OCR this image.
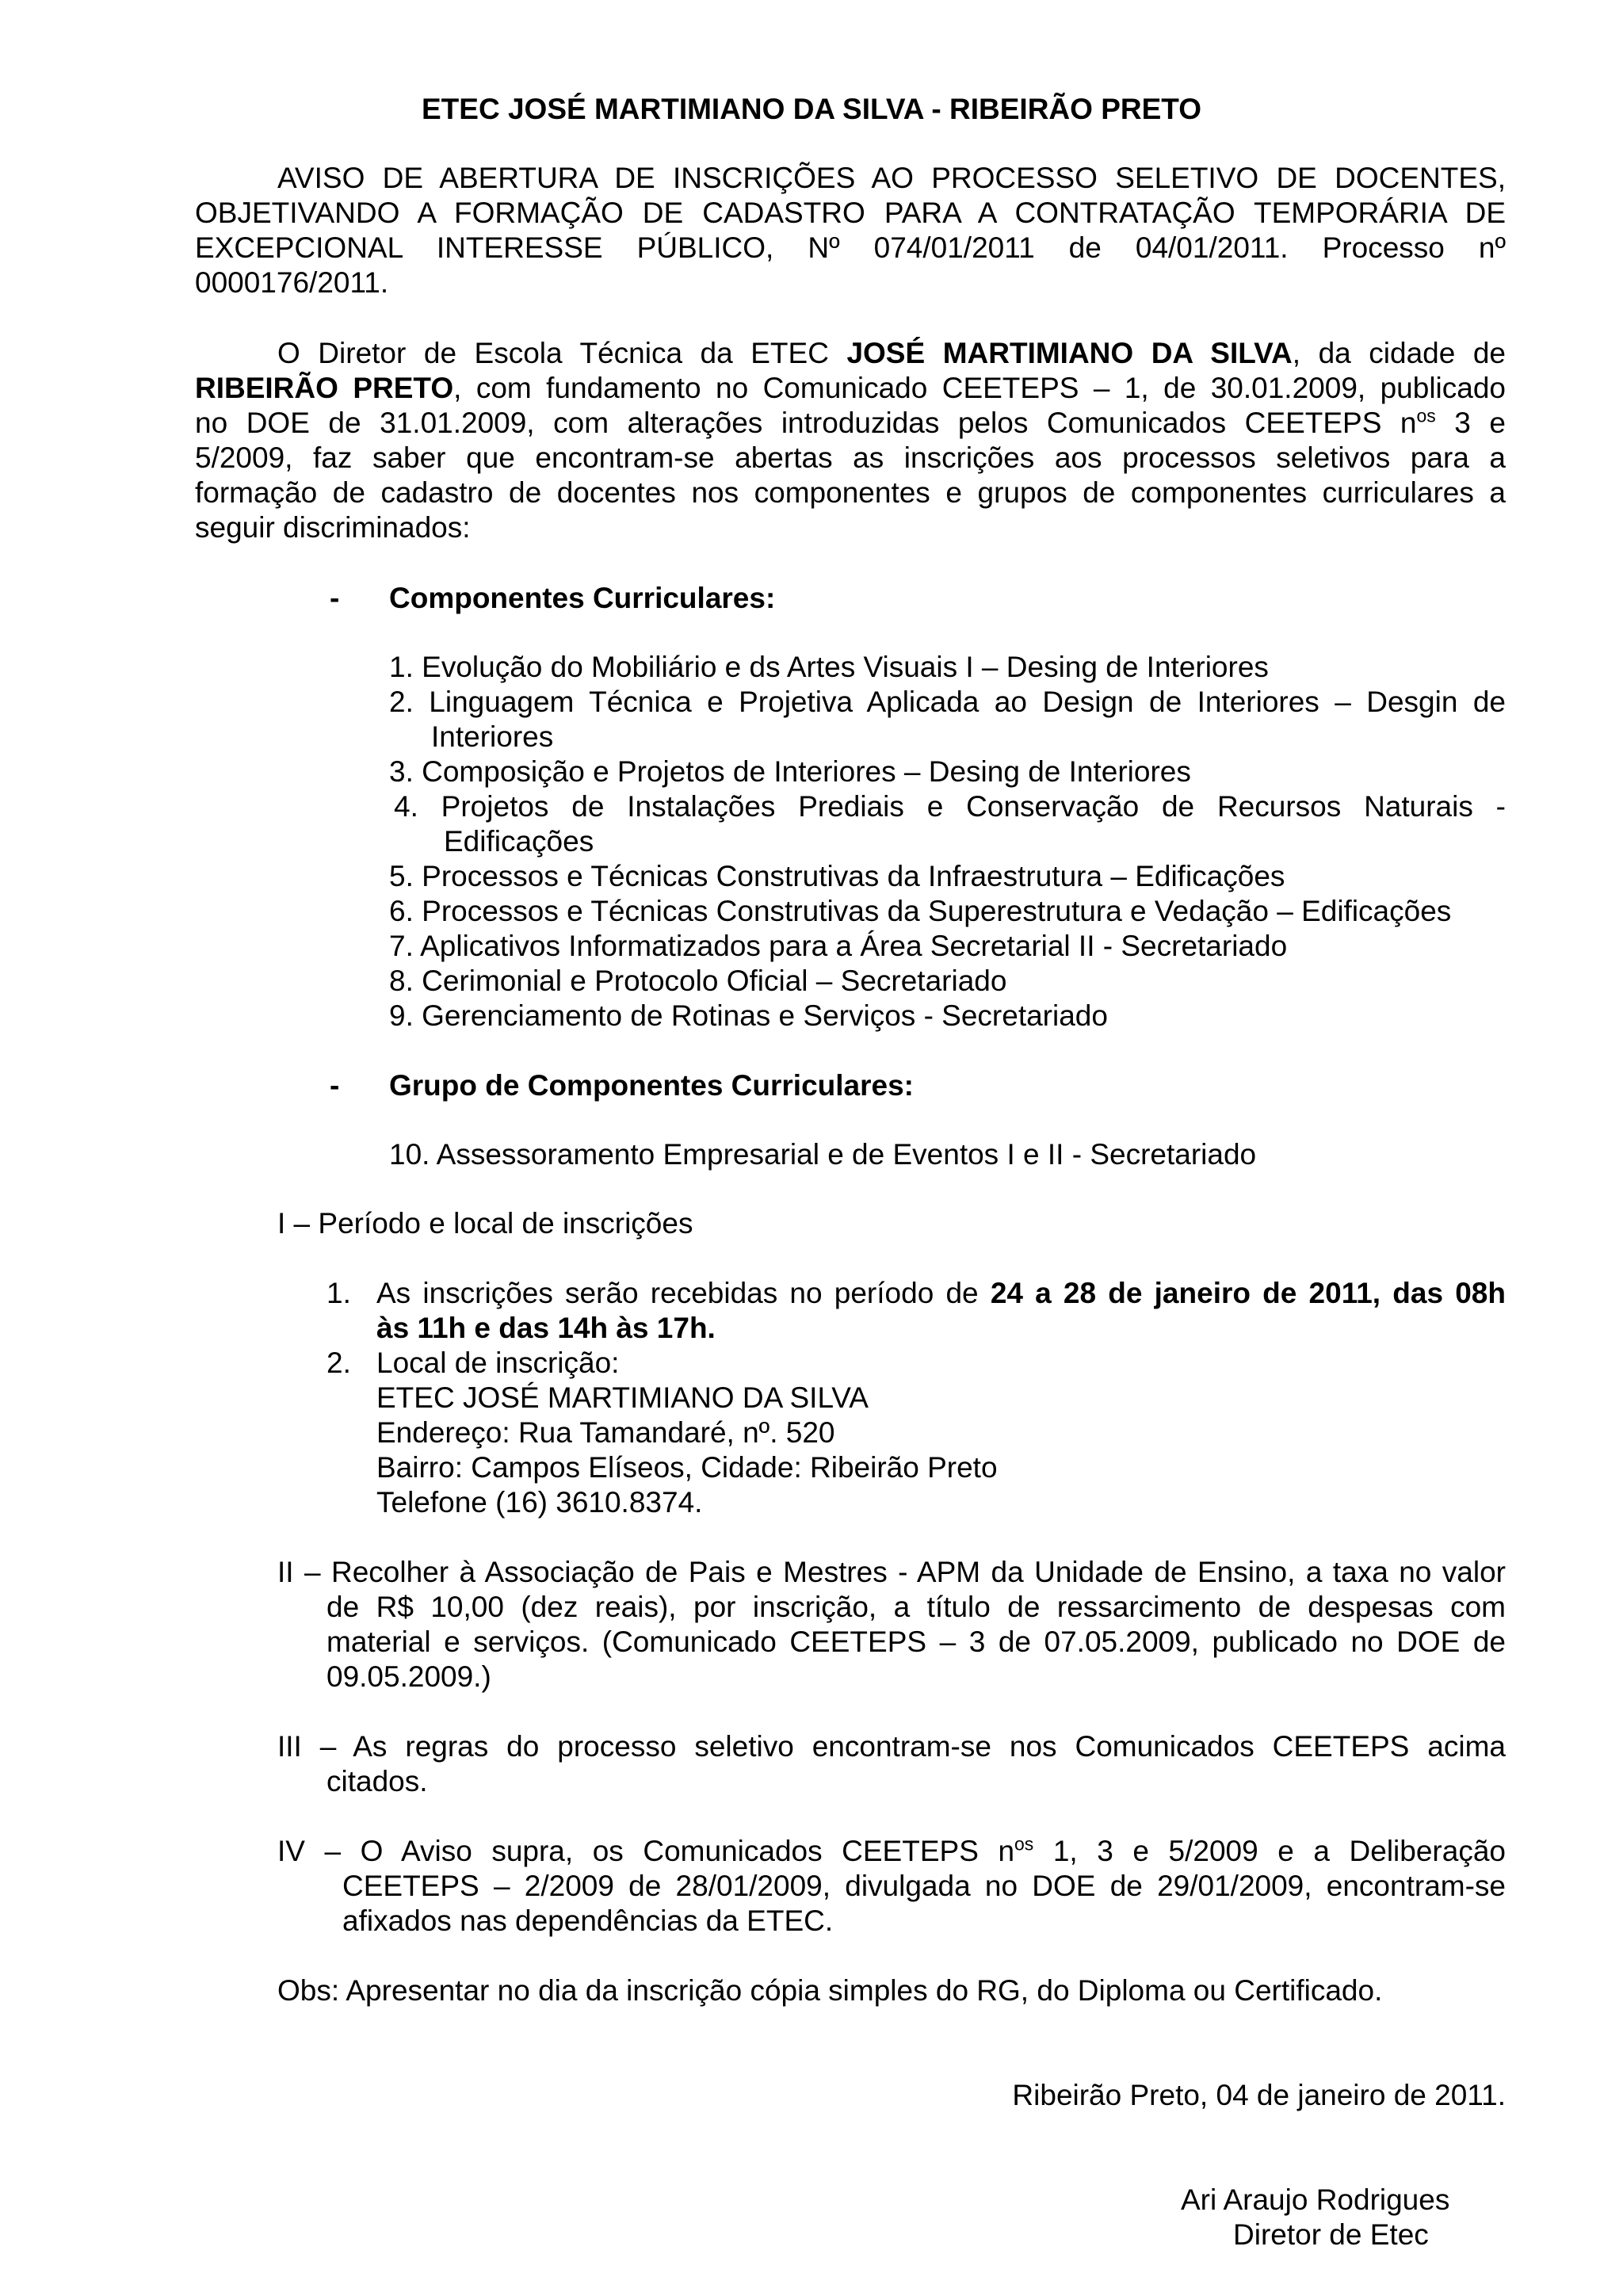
ETEC JOSÉ MARTIMIANO DA SILVA - RIBEIRÃO PRETO
AVISO DE ABERTURA DE INSCRIÇÕES AO PROCESSO SELETIVO DE DOCENTES,
OBJETIVANDO A FORMAÇÃO DE CADASTRO PARA A CONTRATAÇÃO TEMPORÁRIA DE
EXCEPCIONAL INTERESSE PÚBLICO, Nº 074/01/2011 de 04/01/2011. Processo nº
0000176/2011.
O Diretor de Escola Técnica da ETEC JOSÉ MARTIMIANO DA SILVA, da cidade de
RIBEIRÃO PRETO, com fundamento no Comunicado CEETEPS – 1, de 30.01.2009, publicado
no DOE de 31.01.2009, com alterações introduzidas pelos Comunicados CEETEPS $n^{os}$ 3 e
5/2009, faz saber que encontram-se abertas as inscrições aos processos seletivos para a
formação de cadastro de docentes nos componentes e grupos de componentes curriculares a
seguir discriminados:
- Componentes Curriculares:
1. Evolução do Mobiliário e ds Artes Visuais I – Desing de Interiores
2. Linguagem Técnica e Projetiva Aplicada ao Design de Interiores – Desgin de
Interiores
3. Composição e Projetos de Interiores – Desing de Interiores
4. Projetos de Instalações Prediais e Conservação de Recursos Naturais -
Edificações
5. Processos e Técnicas Construtivas da Infraestrutura – Edificações
6. Processos e Técnicas Construtivas da Superestrutura e Vedação – Edificações
7. Aplicativos Informatizados para a Área Secretarial II - Secretariado
8. Cerimonial e Protocolo Oficial – Secretariado
9. Gerenciamento de Rotinas e Serviços - Secretariado
- Grupo de Componentes Curriculares:
10. Assessoramento Empresarial e de Eventos I e II - Secretariado
I – Período e local de inscrições
1. As inscrições serão recebidas no período de 24 a 28 de janeiro de 2011, das 08h
às 11h e das 14h às 17h.
2. Local de inscrição:
ETEC JOSÉ MARTIMIANO DA SILVA
Endereço: Rua Tamandaré, nº. 520
Bairro: Campos Elíseos, Cidade: Ribeirão Preto
Telefone (16) 3610.8374.
II – Recolher à Associação de Pais e Mestres - APM da Unidade de Ensino, a taxa no valor
de R$ 10,00 (dez reais), por inscrição, a título de ressarcimento de despesas com
material e serviços. (Comunicado CEETEPS – 3 de 07.05.2009, publicado no DOE de
09.05.2009.)
III – As regras do processo seletivo encontram-se nos Comunicados CEETEPS acima
citados.
IV – O Aviso supra, os Comunicados CEETEPS $n^{os}$ 1, 3 e 5/2009 e a Deliberação
CEETEPS – 2/2009 de 28/01/2009, divulgada no DOE de 29/01/2009, encontram-se
afixados nas dependências da ETEC.
Obs: Apresentar no dia da inscrição cópia simples do RG, do Diploma ou Certificado.
Ribeirão Preto, 04 de janeiro de 2011.
Ari Araujo Rodrigues
Diretor de Etec
